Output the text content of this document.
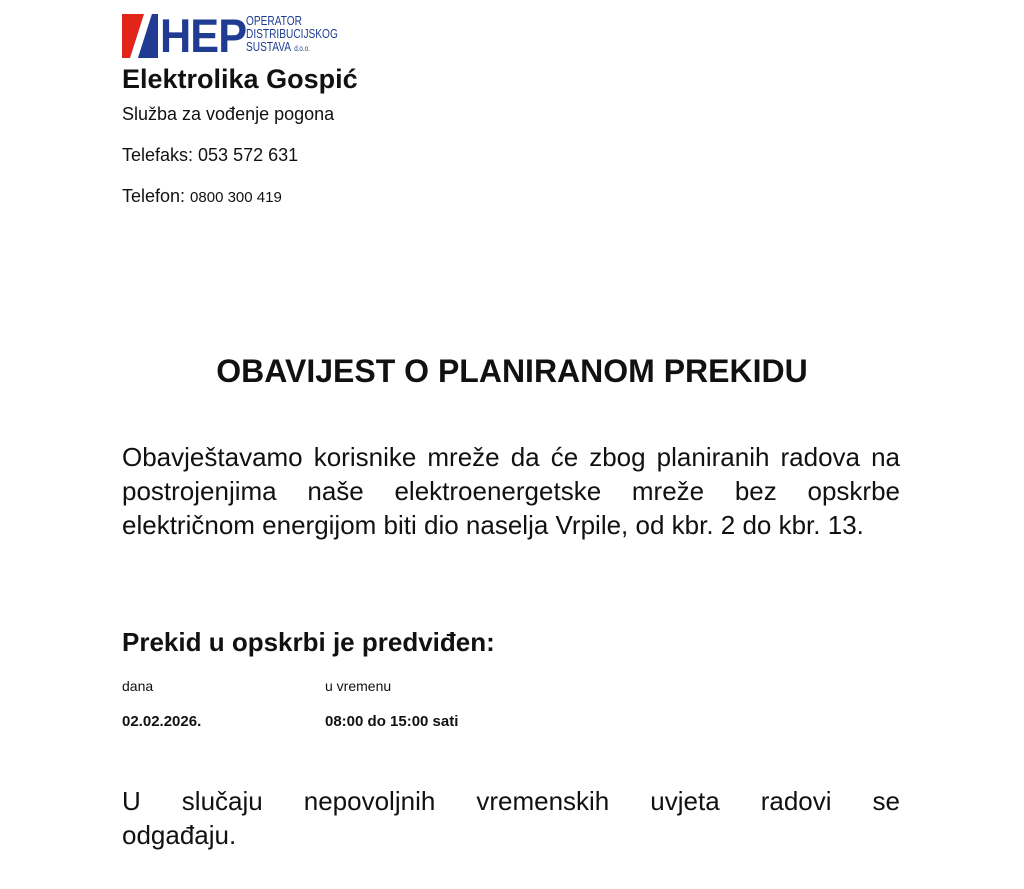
HEP OPERATOR
DISTRIBUCIJSKOG
SUSTAVA d.o.o.
Elektrolika Gospić
Služba za vođenje pogona
Telefaks: 053 572 631
Telefon: 0800 300 419
OBAVIJEST O PLANIRANOM PREKIDU
Obavještavamo korisnike mreže da će zbog planiranih radova na postrojenjima naše elektroenergetske mreže bez opskrbe električnom energijom biti dio naselja Vrpile, od kbr. 2 do kbr. 13.
Prekid u opskrbi je predviđen:
dana	u vremenu
02.02.2026.	08:00 do 15:00 sati
U slučaju nepovoljnih vremenskih uvjeta radovi se
odgađaju.
